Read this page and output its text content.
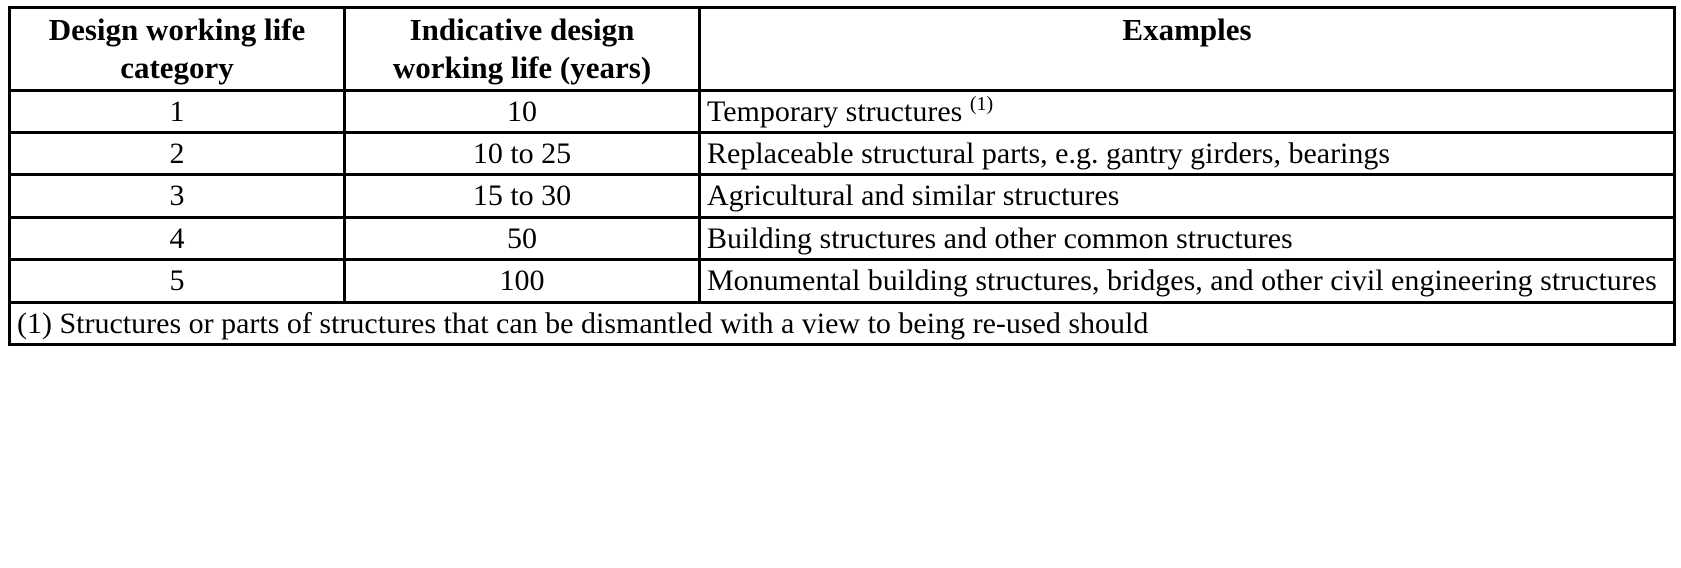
Design working life category	Indicative design working life (years)	Examples
1	10	Temporary structures $^{(1)}$
2	10 to 25	Replaceable structural parts, e.g. gantry girders, bearings
3	15 to 30	Agricultural and similar structures
4	50	Building structures and other common structures
5	100	Monumental building structures, bridges, and other civil engineering structures
(1) Structures or parts of structures that can be dismantled with a view to being re-used should		
